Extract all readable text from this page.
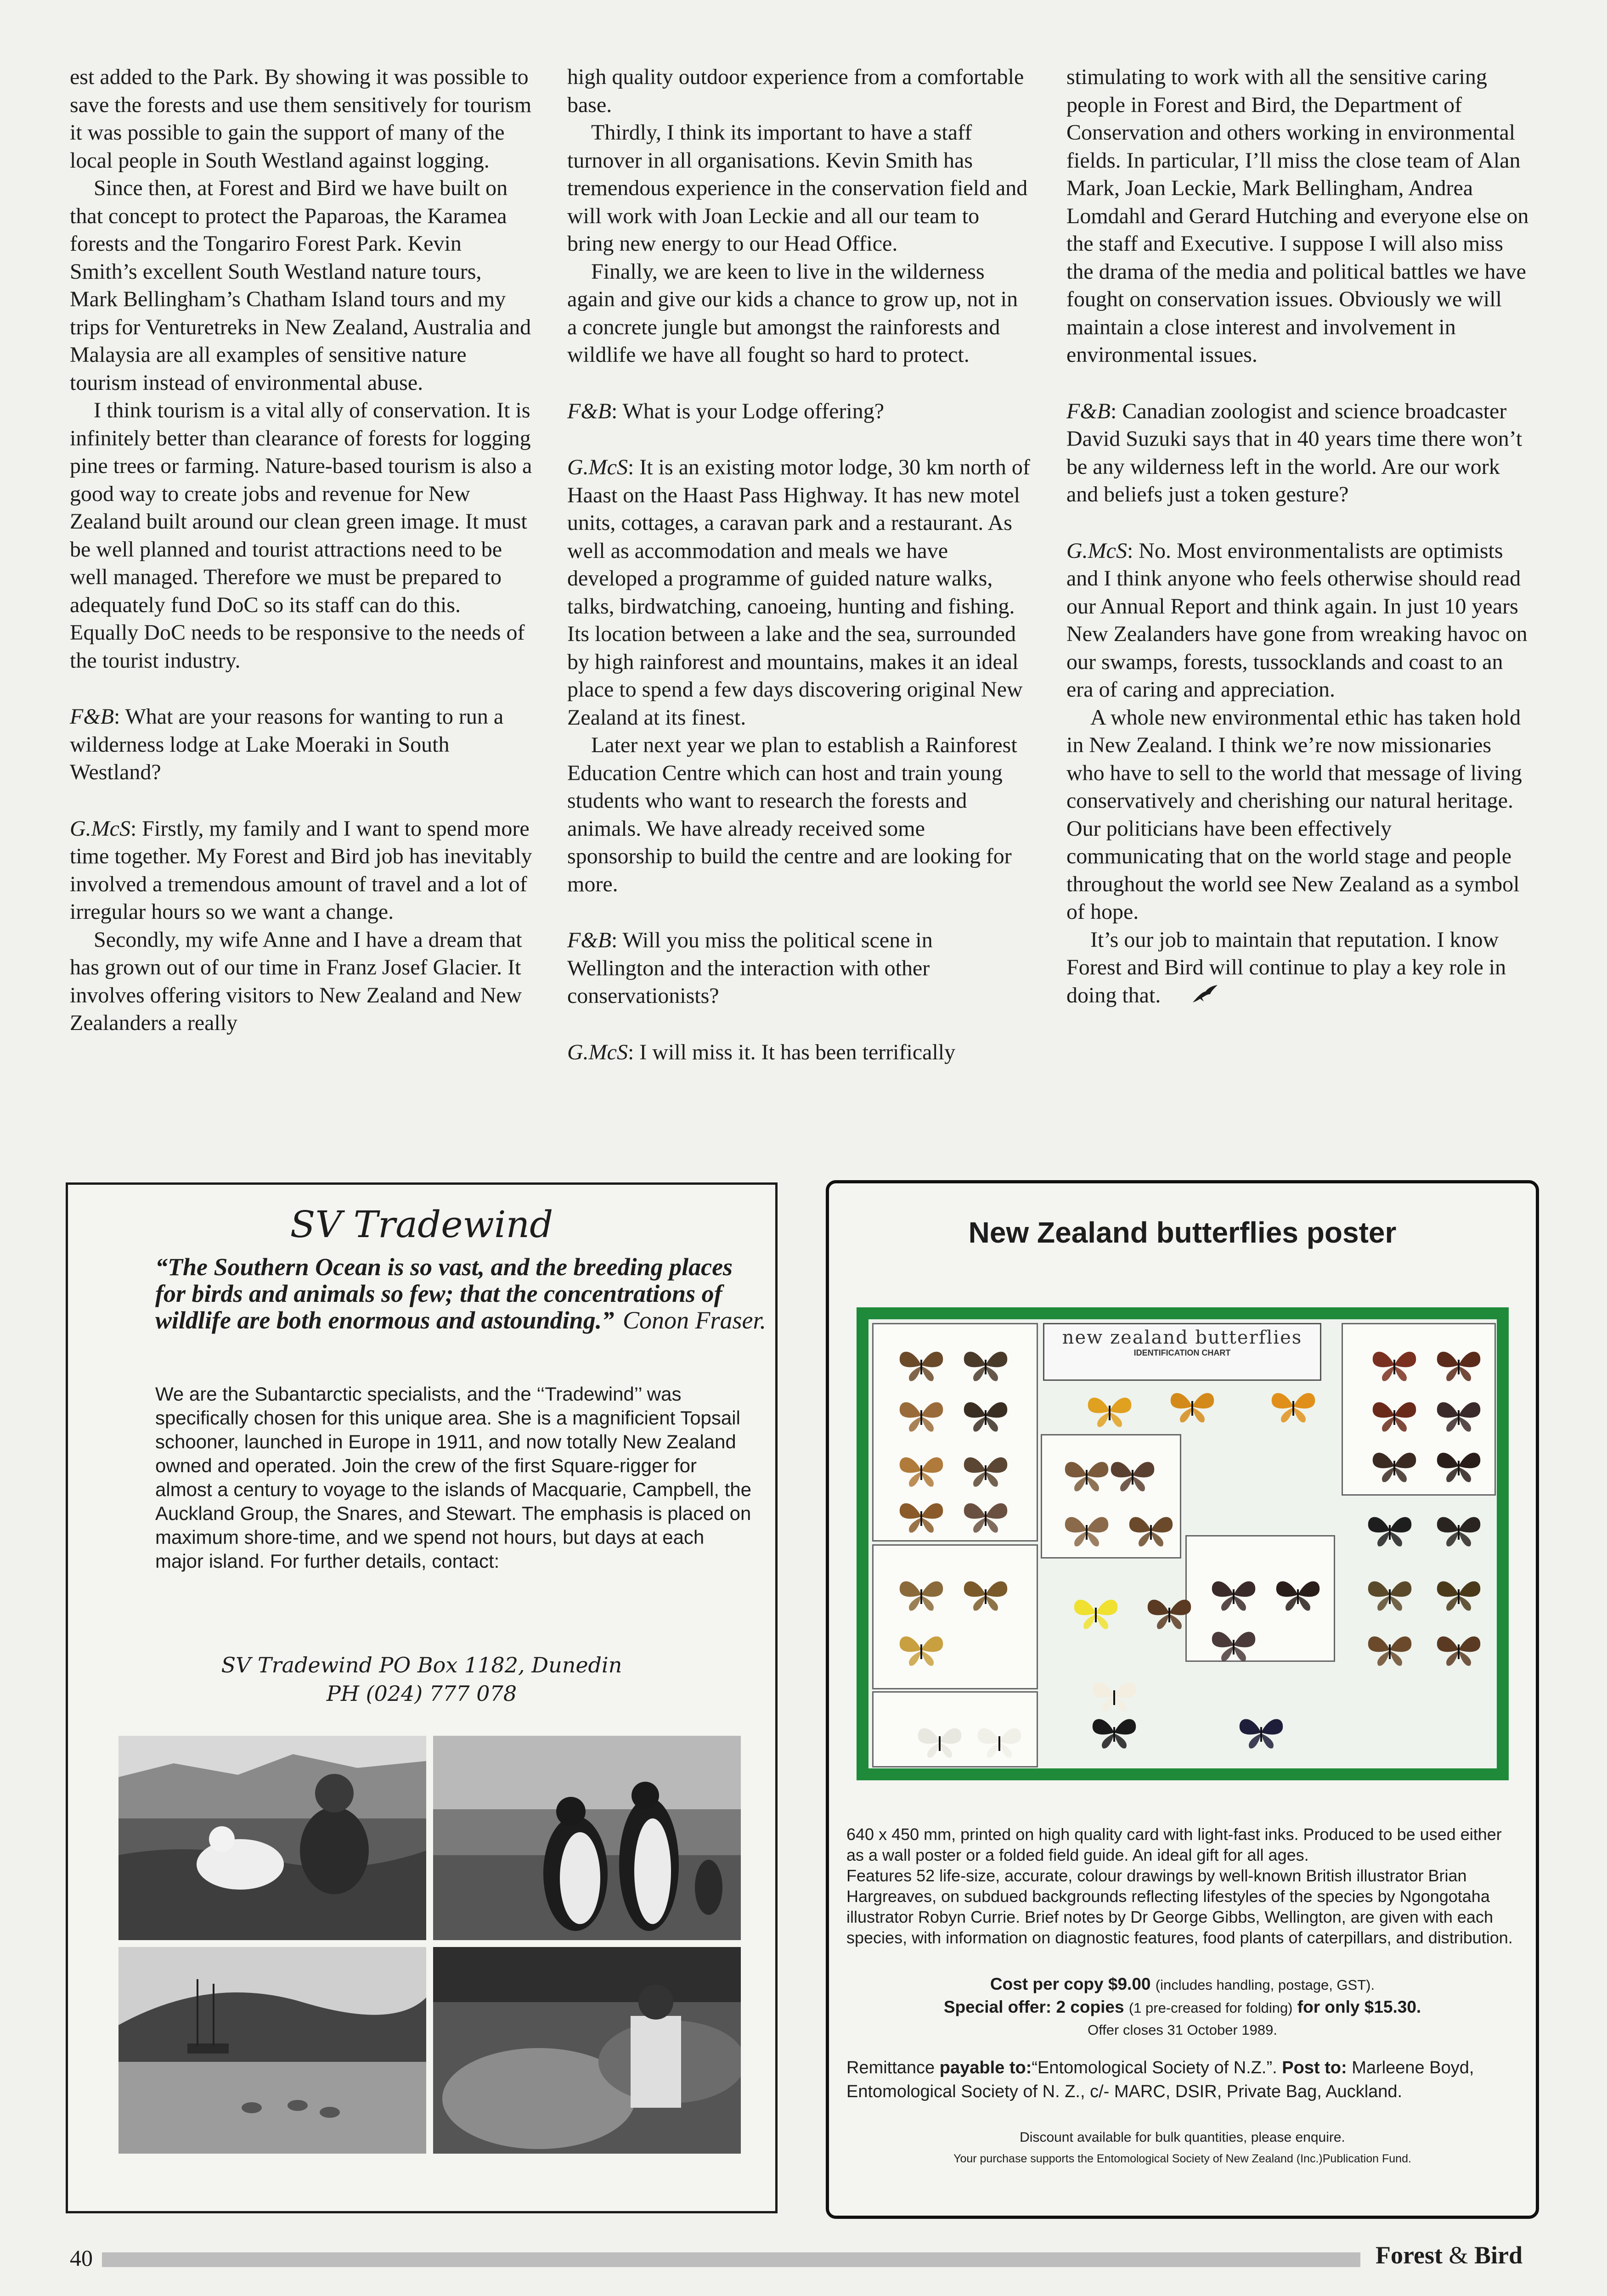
est added to the Park. By showing it was possible to save the forests and use them sensitively for tourism it was possible to gain the support of many of the local people in South Westland against logging.

Since then, at Forest and Bird we have built on that concept to protect the Paparoas, the Karamea forests and the Tongariro Forest Park. Kevin Smith’s excellent South Westland nature tours, Mark Bellingham’s Chatham Island tours and my trips for Venturetreks in New Zealand, Australia and Malaysia are all examples of sensitive nature tourism instead of environmental abuse.

I think tourism is a vital ally of conservation. It is infinitely better than clearance of forests for logging pine trees or farming. Nature-based tourism is also a good way to create jobs and revenue for New Zealand built around our clean green image. It must be well planned and tourist attractions need to be well managed. Therefore we must be prepared to adequately fund DoC so its staff can do this. Equally DoC needs to be responsive to the needs of the tourist industry.

F&B: What are your reasons for wanting to run a wilderness lodge at Lake Moeraki in South Westland?

G.McS: Firstly, my family and I want to spend more time together. My Forest and Bird job has inevitably involved a tremendous amount of travel and a lot of irregular hours so we want a change.

Secondly, my wife Anne and I have a dream that has grown out of our time in Franz Josef Glacier. It involves offering visitors to New Zealand and New Zealanders a really

high quality outdoor experience from a comfortable base.

Thirdly, I think its important to have a staff turnover in all organisations. Kevin Smith has tremendous experience in the conservation field and will work with Joan Leckie and all our team to bring new energy to our Head Office.

Finally, we are keen to live in the wilderness again and give our kids a chance to grow up, not in a concrete jungle but amongst the rainforests and wildlife we have all fought so hard to protect.

F&B: What is your Lodge offering?

G.McS: It is an existing motor lodge, 30 km north of Haast on the Haast Pass Highway. It has new motel units, cottages, a caravan park and a restaurant. As well as accommodation and meals we have developed a programme of guided nature walks, talks, birdwatching, canoeing, hunting and fishing. Its location between a lake and the sea, surrounded by high rainforest and mountains, makes it an ideal place to spend a few days discovering original New Zealand at its finest.

Later next year we plan to establish a Rainforest Education Centre which can host and train young students who want to research the forests and animals. We have already received some sponsorship to build the centre and are looking for more.

F&B: Will you miss the political scene in Wellington and the interaction with other conservationists?

G.McS: I will miss it. It has been terrifically

stimulating to work with all the sensitive caring people in Forest and Bird, the Department of Conservation and others working in environmental fields. In particular, I’ll miss the close team of Alan Mark, Joan Leckie, Mark Bellingham, Andrea Lomdahl and Gerard Hutching and everyone else on the staff and Executive. I suppose I will also miss the drama of the media and political battles we have fought on conservation issues. Obviously we will maintain a close interest and involvement in environmental issues.

F&B: Canadian zoologist and science broadcaster David Suzuki says that in 40 years time there won’t be any wilderness left in the world. Are our work and beliefs just a token gesture?

G.McS: No. Most environmentalists are optimists and I think anyone who feels otherwise should read our Annual Report and think again. In just 10 years New Zealanders have gone from wreaking havoc on our swamps, forests, tussocklands and coast to an era of caring and appreciation.

A whole new environmental ethic has taken hold in New Zealand. I think we’re now missionaries who have to sell to the world that message of living conservatively and cherishing our natural heritage. Our politicians have been effectively communicating that on the world stage and people throughout the world see New Zealand as a symbol of hope.

It’s our job to maintain that reputation. I know Forest and Bird will continue to play a key role in doing that.

SV Tradewind
“The Southern Ocean is so vast, and the breeding places for birds and animals so few; that the concentrations of wildlife are both enormous and astounding.” Conon Fraser.
We are the Subantarctic specialists, and the ‘‘Tradewind’’ was specifically chosen for this unique area. She is a magnificient Topsail schooner, launched in Europe in 1911, and now totally New Zealand owned and operated. Join the crew of the first Square-rigger for almost a century to voyage to the islands of Macquarie, Campbell, the Auckland Group, the Snares, and Stewart. The emphasis is placed on maximum shore-time, and we spend not hours, but days at each major island. For further details, contact:
SV Tradewind PO Box 1182, Dunedin
PH (024) 777 078
New Zealand butterflies poster
new zealand butterflies
IDENTIFICATION CHART

640 x 450 mm, printed on high quality card with light-fast inks. Produced to be used either as a wall poster or a folded field guide. An ideal gift for all ages.

Features 52 life-size, accurate, colour drawings by well-known British illustrator Brian Hargreaves, on subdued backgrounds reflecting lifestyles of the species by Ngongotaha illustrator Robyn Currie. Brief notes by Dr George Gibbs, Wellington, are given with each species, with information on diagnostic features, food plants of caterpillars, and distribution.

Cost per copy $9.00 (includes handling, postage, GST).
Special offer: 2 copies (1 pre-creased for folding) for only $15.30.
Offer closes 31 October 1989.
Remittance payable to:“Entomological Society of N.Z.”. Post to: Marleene Boyd, Entomological Society of N. Z., c/- MARC, DSIR, Private Bag, Auckland.
Discount available for bulk quantities, please enquire.
Your purchase supports the Entomological Society of New Zealand (Inc.)Publication Fund.
40	Forest & Bird
